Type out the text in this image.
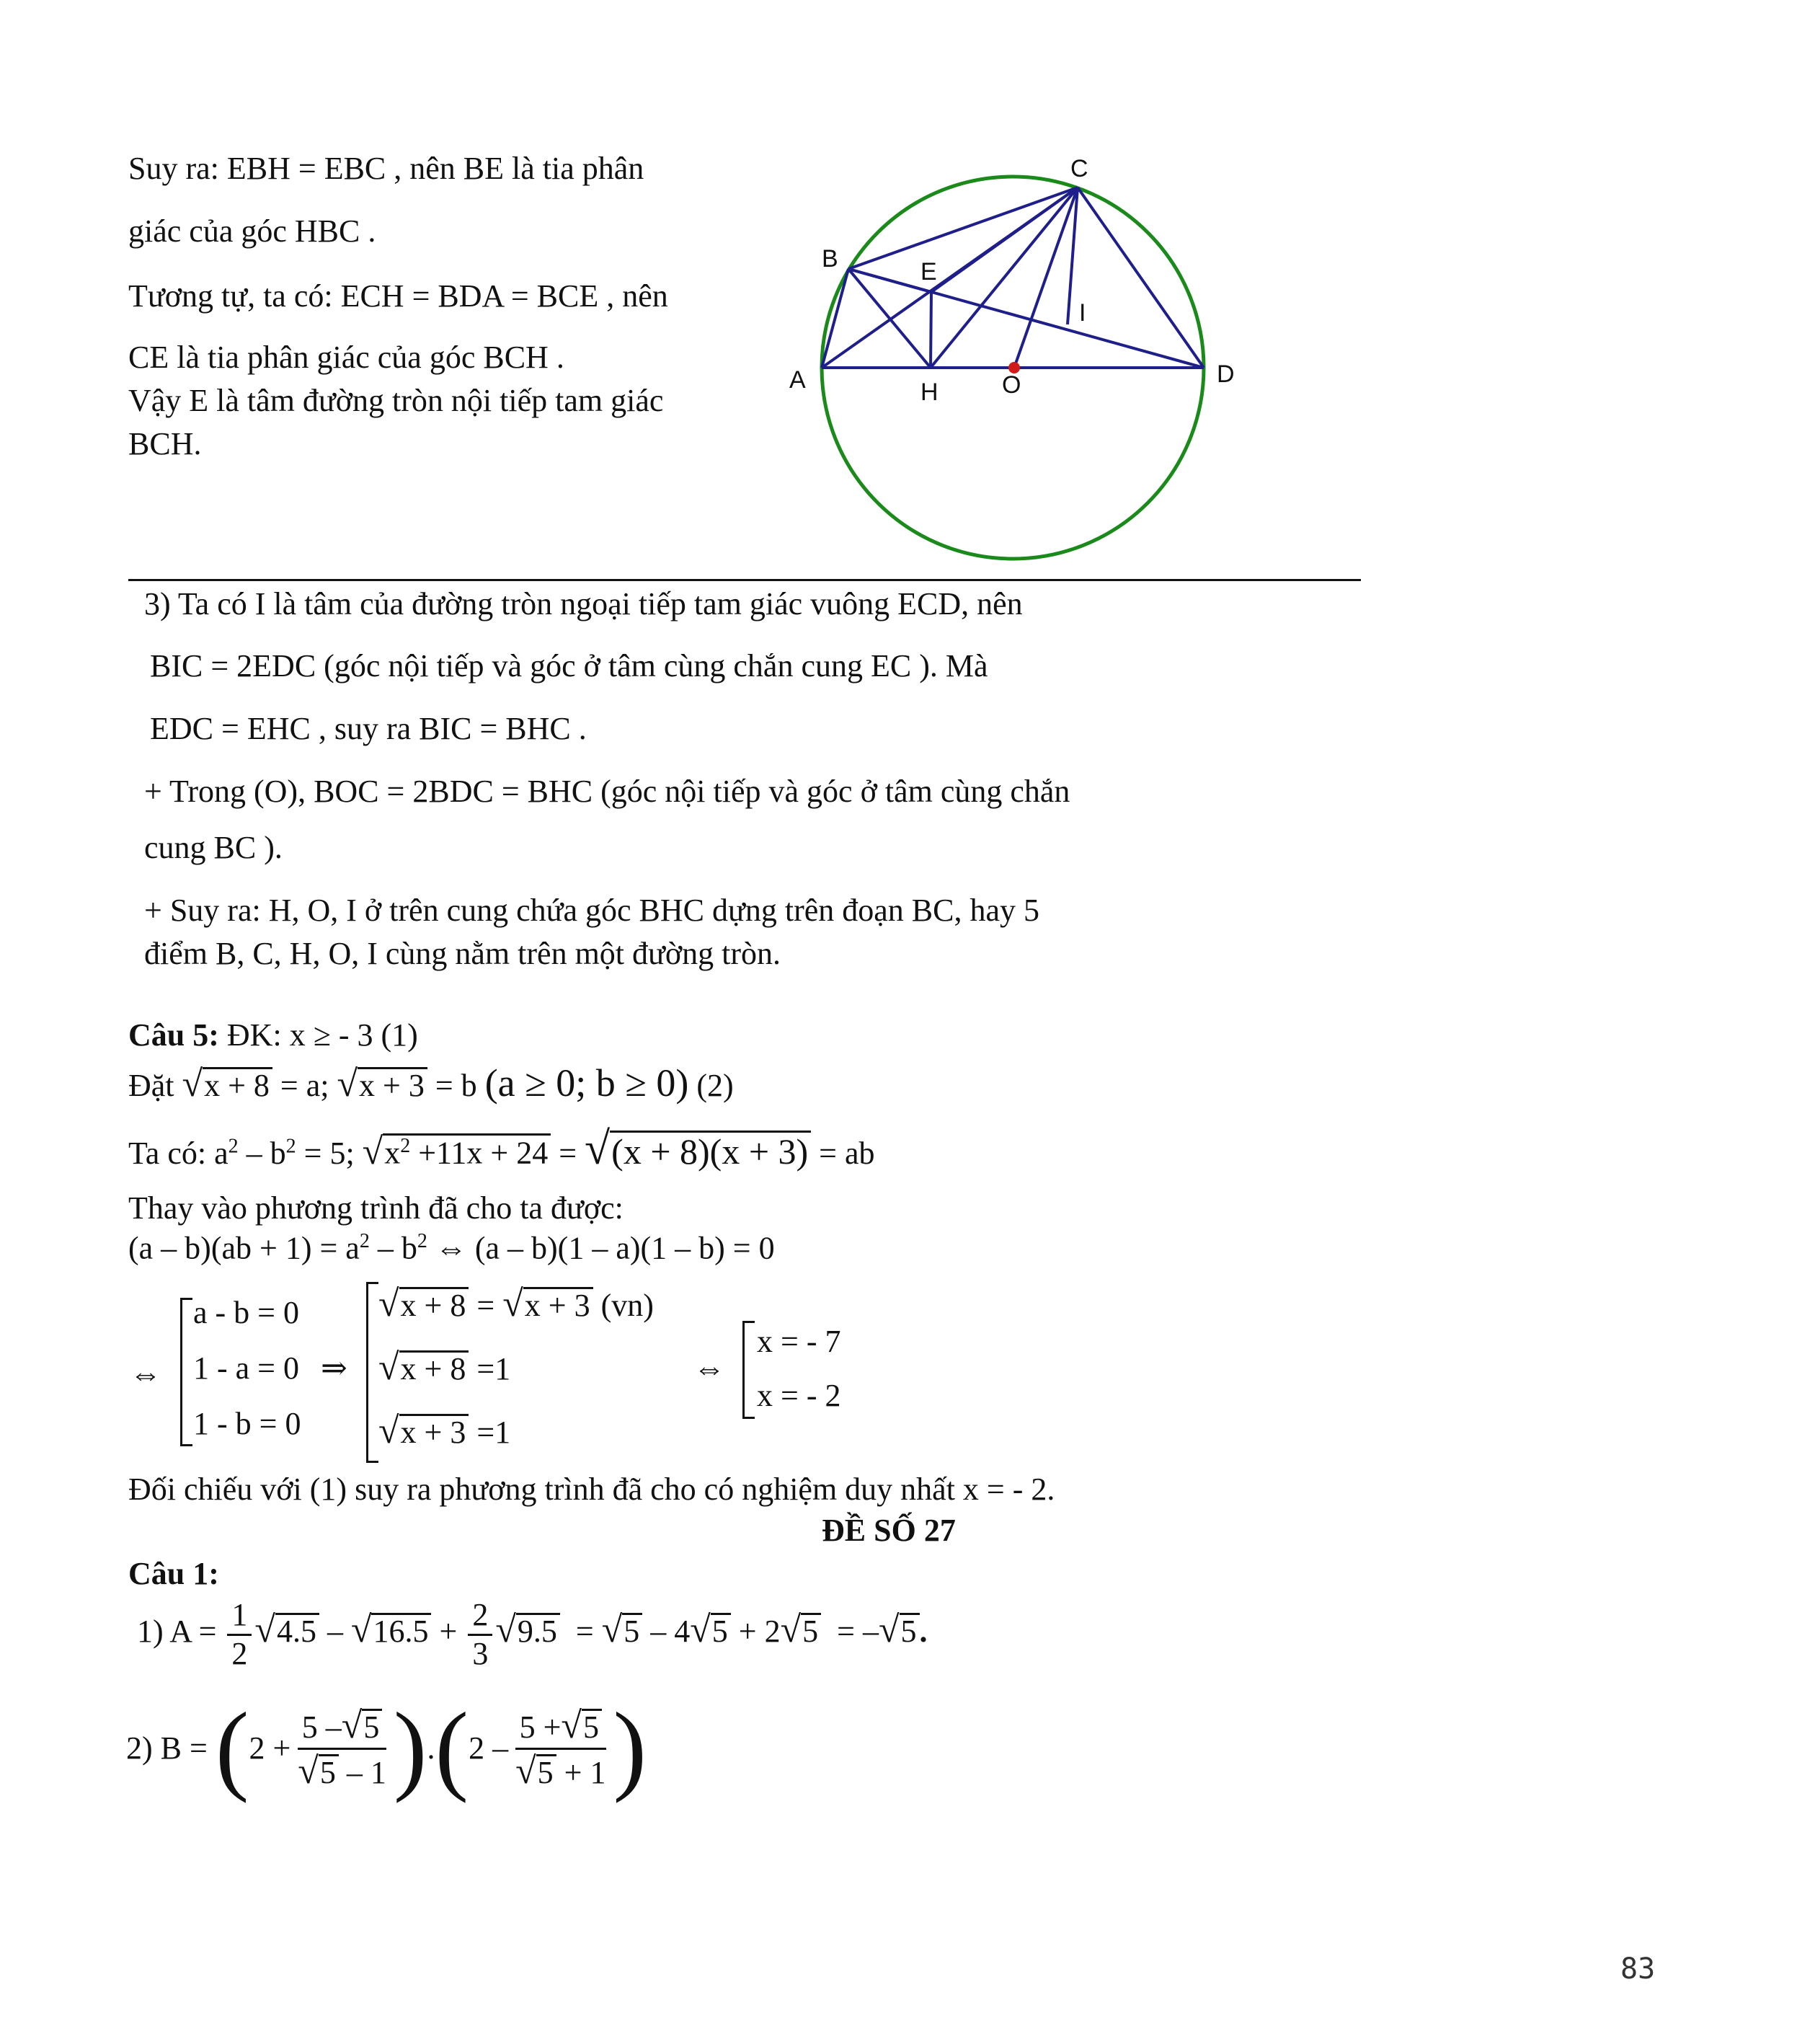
Suy ra: EBH = EBC , nên BE là tia phân
giác của góc HBC .
Tương tự, ta có: ECH = BDA = BCE , nên
CE là tia phân giác của góc BCH .
Vậy E là tâm đường tròn nội tiếp tam giác
BCH.
C
B	E
I
A	H	O	D
3) Ta có I là tâm của đường tròn ngoại tiếp tam giác vuông ECD, nên
BIC = 2EDC (góc nội tiếp và góc ở tâm cùng chắn cung EC ). Mà
EDC = EHC , suy ra BIC = BHC .
+ Trong (O), BOC = 2BDC = BHC (góc nội tiếp và góc ở tâm cùng chắn
cung BC ).
+ Suy ra: H, O, I ở trên cung chứa góc BHC dựng trên đoạn BC, hay 5
điểm B, C, H, O, I cùng nằm trên một đường tròn.
Câu 5: ĐK: x ≥ - 3 (1)
Đặt √x + 8 = a; √x + 3 = b (a ≥ 0; b ≥ 0) (2)
Ta có: $a^2 - b^2 = 5$; $√x^2 +11x + 24 = √(x + 8)(x + 3)$ = ab
Thay vào phương trình đã cho ta được:
$(a - b)(ab + 1) = a^2 - b^2$ ⇔ (a – b)(1 – a)(1 – b) = 0
⇔
a - b = 0
1 - a = 0
1 - b = 0
⇒
√x + 8 = √x + 3 (vn)
√x + 8 =1
√x + 3 =1
⇔
x = - 7
x = - 2
Đối chiếu với (1) suy ra phương trình đã cho có nghiệm duy nhất x = - 2.
ĐỀ SỐ 27
Câu 1:
1) $A = \frac{1}{2} √4.5 - √16.5 + \frac{2}{3} √9.5 = √5 - 4√5 + 2√5 = -√5$.
2) B =
( $2 + \frac{5 -√5}{√5 - 1}$ ) . ( $2 - \frac{5 +√5}{√5 + 1}$ )
83
